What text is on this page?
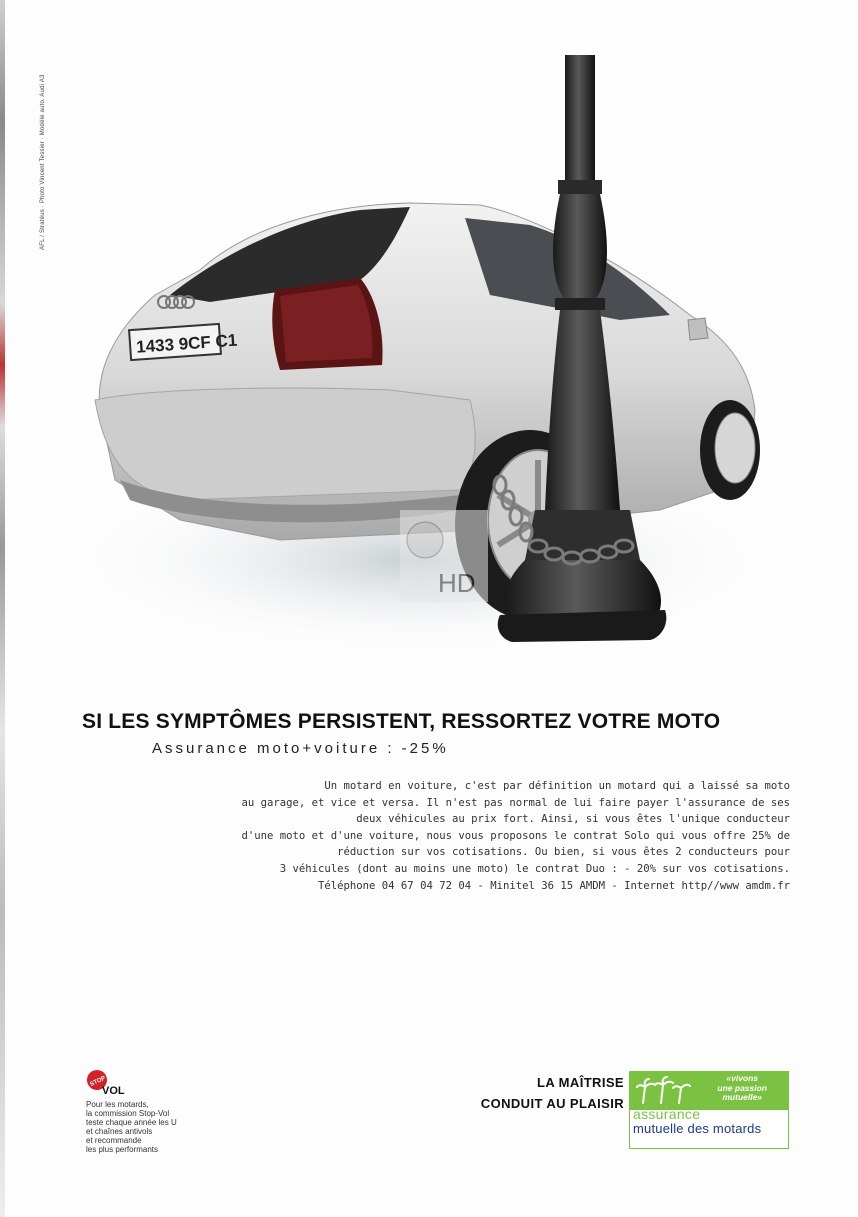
AFL / Stratéus · Photo Vincent Tessier · Modèle auto. Audi A3
1433 9CF C1
HD
SI LES SYMPTÔMES PERSISTENT, RESSORTEZ VOTRE MOTO
Assurance moto+voiture : -25%
Un motard en voiture, c'est par définition un motard qui a laissé sa moto
au garage, et vice et versa. Il n'est pas normal de lui faire payer l'assurance de ses
deux véhicules au prix fort. Ainsi, si vous êtes l'unique conducteur
d'une moto et d'une voiture, nous vous proposons le contrat Solo qui vous offre 25% de
réduction sur vos cotisations. Ou bien, si vous êtes 2 conducteurs pour
3 véhicules (dont au moins une moto) le contrat Duo : - 20% sur vos cotisations.
Téléphone 04 67 04 72 04 - Minitel 36 15 AMDM - Internet http//www amdm.fr
STOP
VOL
Pour les motards,
la commission Stop-Vol
teste chaque année les U
et chaînes antivols
et recommande
les plus performants
LA MAÎTRISE
CONDUIT AU PLAISIR
«vivons
une passion
mutuelle»
assurance
mutuelle des motards
